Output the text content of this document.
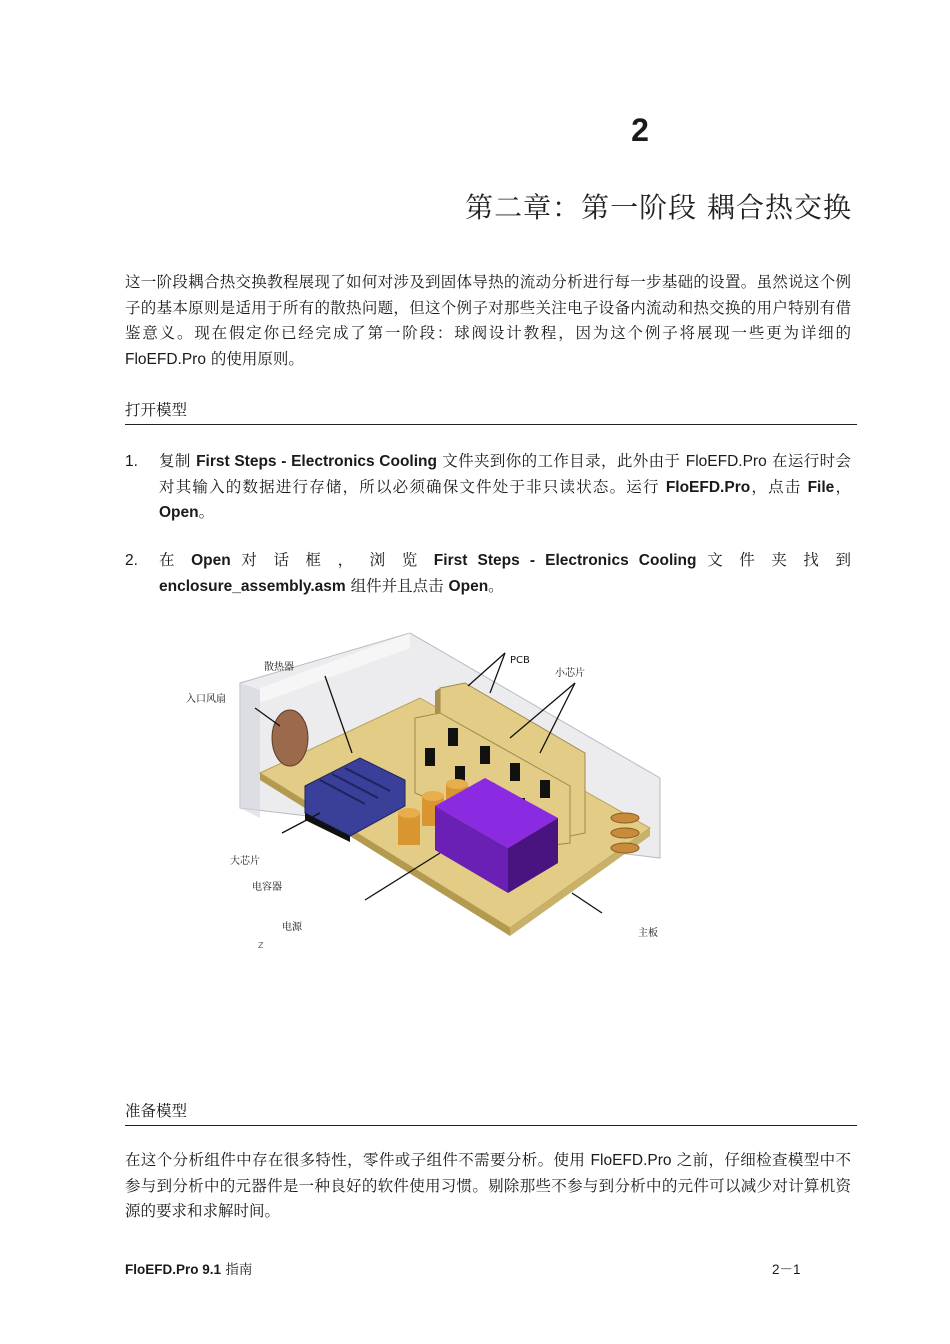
2
第二章：第一阶段 耦合热交换
这一阶段耦合热交换教程展现了如何对涉及到固体导热的流动分析进行每一步基础的设置。虽然说这个例子的基本原则是适用于所有的散热问题，但这个例子对那些关注电子设备内流动和热交换的用户特别有借鉴意义。现在假定你已经完成了第一阶段：球阀设计教程，因为这个例子将展现一些更为详细的 FloEFD.Pro 的使用原则。
打开模型
1. 复制 First Steps - Electronics Cooling 文件夹到你的工作目录，此外由于 FloEFD.Pro 在运行时会对其输入的数据进行存储，所以必须确保文件处于非只读状态。运行 FloEFD.Pro，点击 File， Open。
2. 在 Open 对 话 框 ， 浏 览 First Steps - Electronics Cooling 文 件 夹 找 到 enclosure_assembly.asm 组件并且点击 Open。
散热器
入口风扇
PCB
小芯片
大芯片
电容器
电源
主板
Z
准备模型
在这个分析组件中存在很多特性，零件或子组件不需要分析。使用 FloEFD.Pro 之前，仔细检查模型中不参与到分析中的元器件是一种良好的软件使用习惯。剔除那些不参与到分析中的元件可以减少对计算机资源的要求和求解时间。
FloEFD.Pro 9.1 指南	2－1
